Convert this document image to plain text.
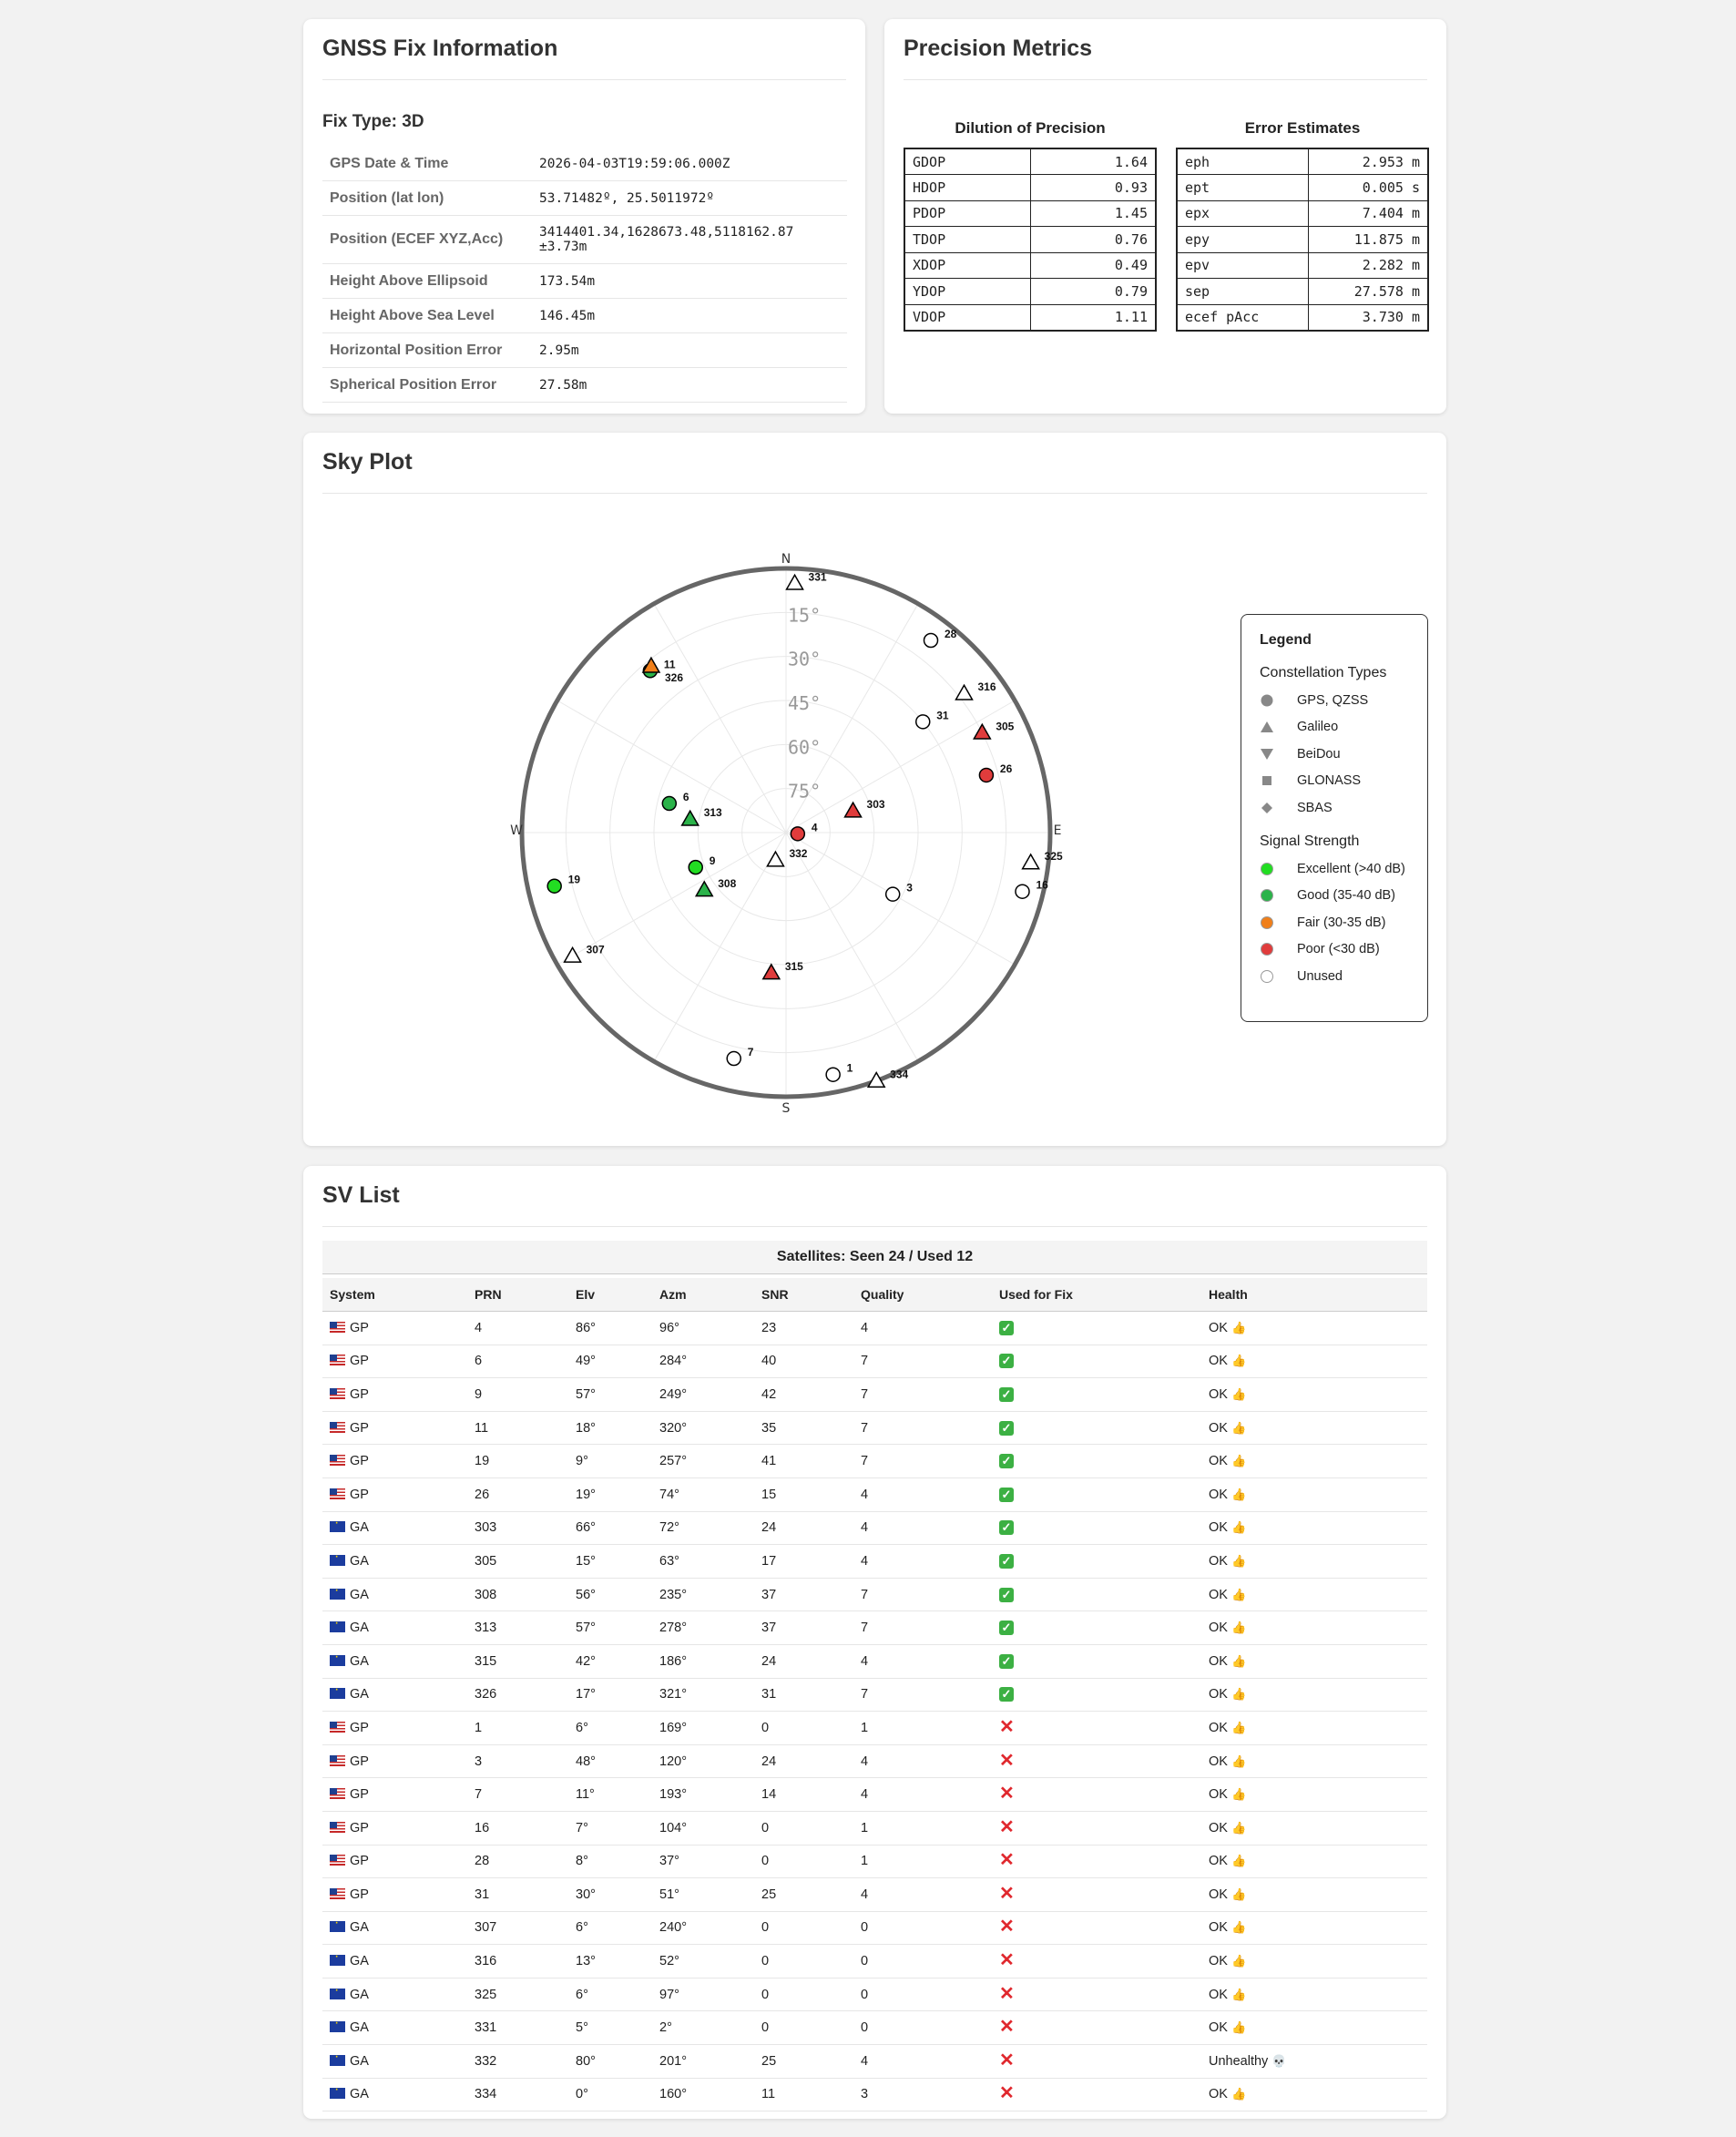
GNSS Fix Information
Fix Type: 3D
GPS Date & Time	2026-04-03T19:59:06.000Z
Position (lat lon)	53.71482º, 25.5011972º
Position (ECEF XYZ,Acc)	3414401.34,1628673.48,5118162.87
±3.73m

Height Above Ellipsoid	173.54m
Height Above Sea Level	146.45m
Horizontal Position Error	2.95m
Spherical Position Error	27.58m
Precision Metrics
Dilution of Precision
GDOP	1.64
HDOP	0.93
PDOP	1.45
TDOP	0.76
XDOP	0.49
YDOP	0.79
VDOP	1.11
Error Estimates
eph	2.953 m
ept	0.005 s
epx	7.404 m
epy	11.875 m
epv	2.282 m
sep	27.578 m
ecef pAcc	3.730 m
Sky Plot
15°
30°
45°
60°
75°
N
S
E
W	4
6
9
11
19
26
303
305
308
313
315
326
1
3
7
16
28
31
307
316
325
331
332
334
Legend
Constellation Types
GPS, QZSS
Galileo
BeiDou
GLONASS
SBAS
Signal Strength
Excellent (>40 dB)
Good (35-40 dB)
Fair (30-35 dB)
Poor (<30 dB)
Unused
SV List
Satellites: Seen 24 / Used 12							

System	PRN	Elv	Azm	SNR	Quality	Used for Fix	Health
GP	4	86°	96°	23	4	✓	OK 👍
GP	6	49°	284°	40	7	✓	OK 👍
GP	9	57°	249°	42	7	✓	OK 👍
GP	11	18°	320°	35	7	✓	OK 👍
GP	19	9°	257°	41	7	✓	OK 👍
GP	26	19°	74°	15	4	✓	OK 👍
·GA	303	66°	72°	24	4	✓	OK 👍
·GA	305	15°	63°	17	4	✓	OK 👍
·GA	308	56°	235°	37	7	✓	OK 👍
·GA	313	57°	278°	37	7	✓	OK 👍
·GA	315	42°	186°	24	4	✓	OK 👍
·GA	326	17°	321°	31	7	✓	OK 👍
GP	1	6°	169°	0	1	✕	OK 👍
GP	3	48°	120°	24	4	✕	OK 👍
GP	7	11°	193°	14	4	✕	OK 👍
GP	16	7°	104°	0	1	✕	OK 👍
GP	28	8°	37°	0	1	✕	OK 👍
GP	31	30°	51°	25	4	✕	OK 👍
·GA	307	6°	240°	0	0	✕	OK 👍
·GA	316	13°	52°	0	0	✕	OK 👍
·GA	325	6°	97°	0	0	✕	OK 👍
·GA	331	5°	2°	0	0	✕	OK 👍
·GA	332	80°	201°	25	4	✕	Unhealthy 💀
·GA	334	0°	160°	11	3	✕	OK 👍
